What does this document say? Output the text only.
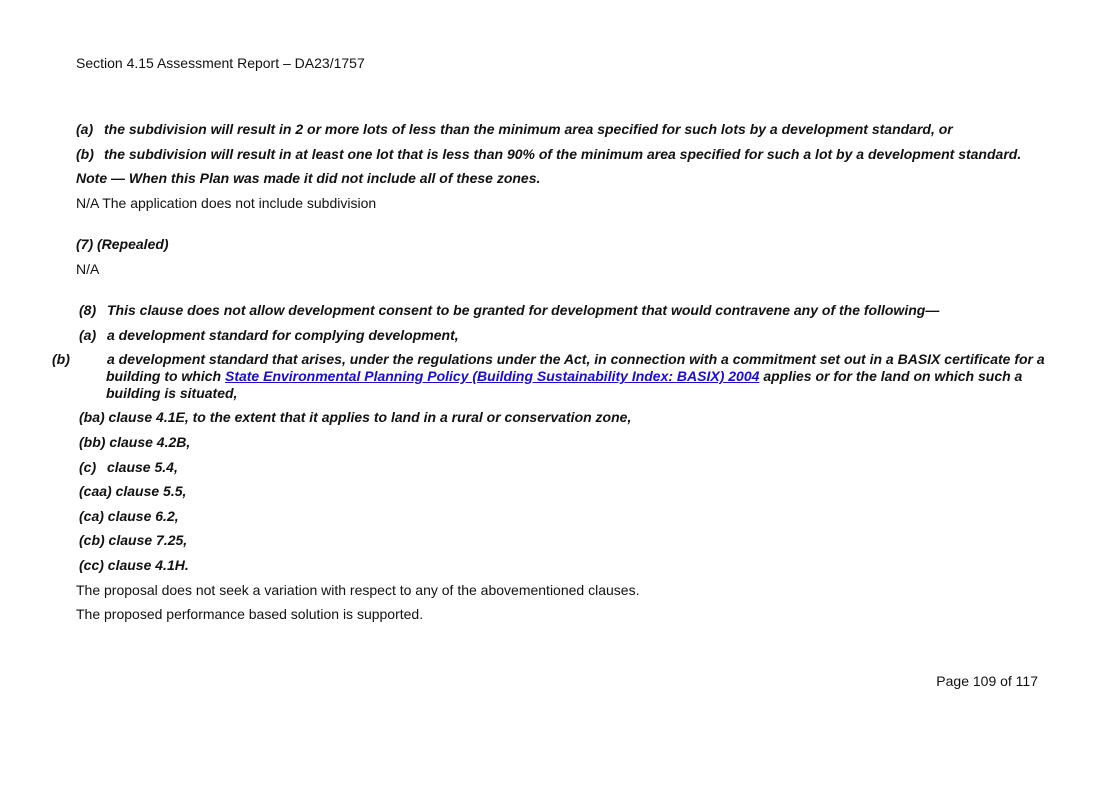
Section 4.15 Assessment Report – DA23/1757
(a) the subdivision will result in 2 or more lots of less than the minimum area specified for such lots by a development standard, or
(b) the subdivision will result in at least one lot that is less than 90% of the minimum area specified for such a lot by a development standard.
Note — When this Plan was made it did not include all of these zones.
N/A The application does not include subdivision
(7) (Repealed)
N/A
(8) This clause does not allow development consent to be granted for development that would contravene any of the following—
(a) a development standard for complying development,
(b)	a development standard that arises, under the regulations under the Act, in connection with a commitment set out in a BASIX certificate for a building to which State Environmental Planning Policy (Building Sustainability Index: BASIX) 2004 applies or for the land on which such a building is situated,
(ba) clause 4.1E, to the extent that it applies to land in a rural or conservation zone,
(bb) clause 4.2B,
(c) clause 5.4,
(caa) clause 5.5,
(ca) clause 6.2,
(cb) clause 7.25,
(cc) clause 4.1H.
The proposal does not seek a variation with respect to any of the abovementioned clauses.
The proposed performance based solution is supported.
Page 109 of 117
